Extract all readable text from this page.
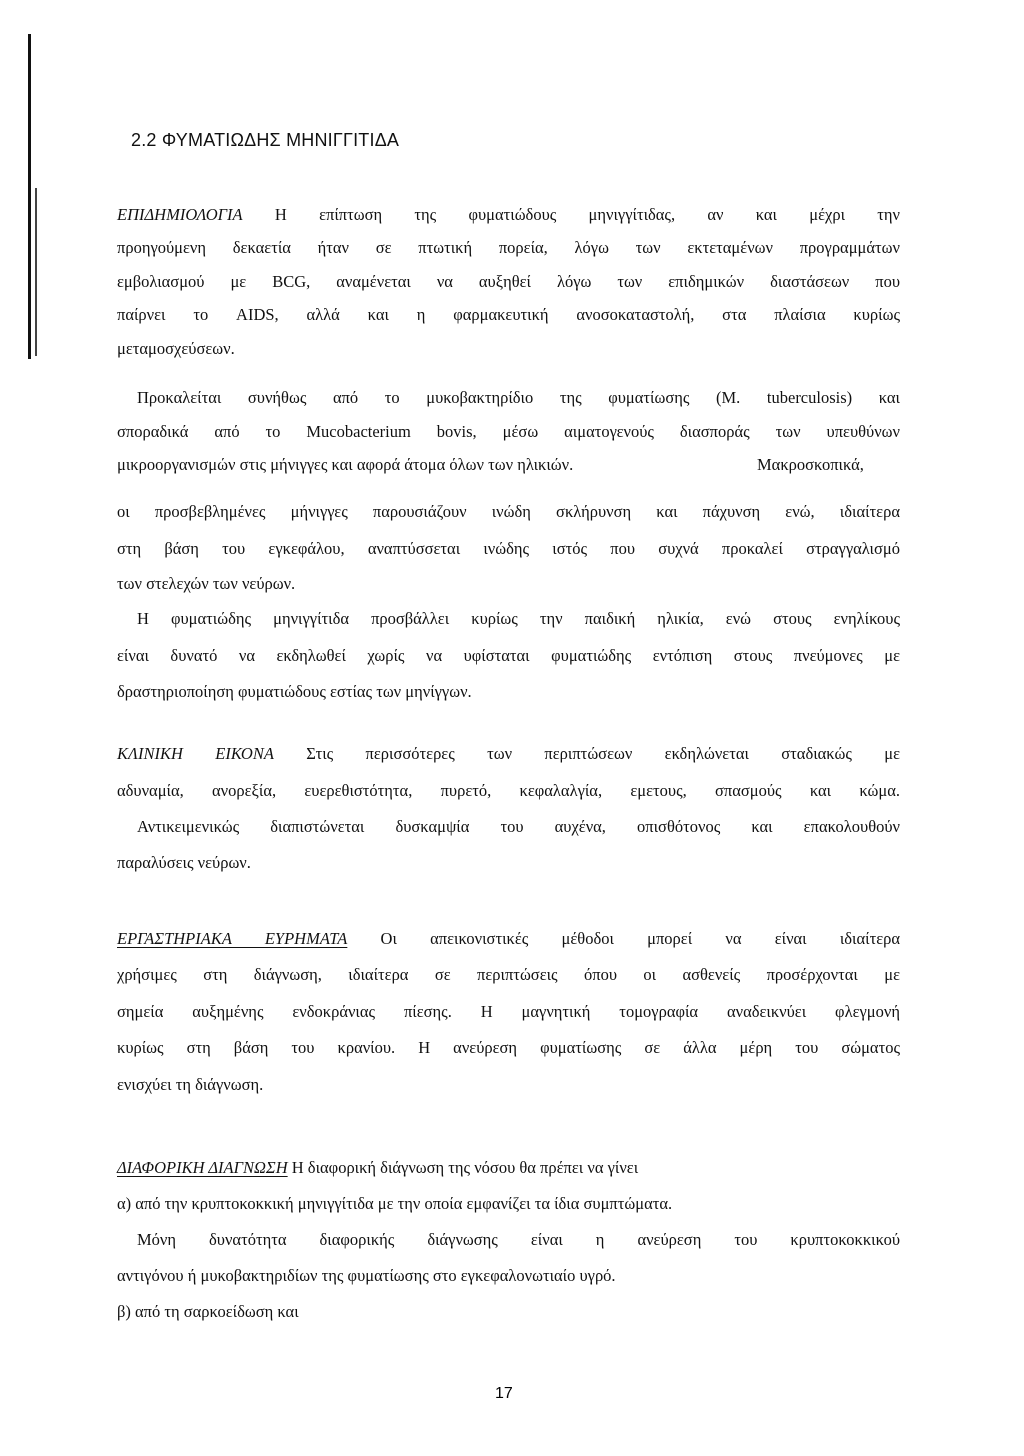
2.2 ΦΥΜΑΤΙΩΔΗΣ ΜΗΝΙΓΓΙΤΙΔΑ
ΕΠΙΔΗΜΙΟΛΟΓΙΑ Η επίπτωση της φυματιώδους μηνιγγίτιδας, αν και μέχρι την
προηγούμενη δεκαετία ήταν σε πτωτική πορεία, λόγω των εκτεταμένων προγραμμάτων
εμβολιασμού με BCG, αναμένεται να αυξηθεί λόγω των επιδημικών διαστάσεων που
παίρνει το AIDS, αλλά και η φαρμακευτική ανοσοκαταστολή, στα πλαίσια κυρίως
μεταμοσχεύσεων.
Προκαλείται συνήθως από το μυκοβακτηρίδιο της φυματίωσης (M. tuberculosis) και
σποραδικά από το Mucobacterium bovis, μέσω αιματογενούς διασποράς των υπευθύνων
μικροοργανισμών στις μήνιγγες και αφορά άτομα όλων των ηλικιών.	Μακροσκοπικά,
οι προσβεβλημένες μήνιγγες παρουσιάζουν ινώδη σκλήρυνση και πάχυνση ενώ, ιδιαίτερα
στη βάση του εγκεφάλου, αναπτύσσεται ινώδης ιστός που συχνά προκαλεί στραγγαλισμό
των στελεχών των νεύρων.
Η φυματιώδης μηνιγγίτιδα προσβάλλει κυρίως την παιδική ηλικία, ενώ στους ενηλίκους
είναι δυνατό να εκδηλωθεί χωρίς να υφίσταται φυματιώδης εντόπιση στους πνεύμονες με
δραστηριοποίηση φυματιώδους εστίας των μηνίγγων.
ΚΛΙΝΙΚΗ ΕΙΚΟΝΑ Στις περισσότερες των περιπτώσεων εκδηλώνεται σταδιακώς με
αδυναμία, ανορεξία, ευερεθιστότητα, πυρετό, κεφαλαλγία, εμετους, σπασμούς και κώμα.
Αντικειμενικώς διαπιστώνεται δυσκαμψία του αυχένα, οπισθότονος και επακολουθούν
παραλύσεις νεύρων.
ΕΡΓΑΣΤΗΡΙΑΚΑ ΕΥΡΗΜΑΤΑ Οι απεικονιστικές μέθοδοι μπορεί να είναι ιδιαίτερα
χρήσιμες στη διάγνωση, ιδιαίτερα σε περιπτώσεις όπου οι ασθενείς προσέρχονται με
σημεία αυξημένης ενδοκράνιας πίεσης. Η μαγνητική τομογραφία αναδεικνύει φλεγμονή
κυρίως στη βάση του κρανίου. Η ανεύρεση φυματίωσης σε άλλα μέρη του σώματος
ενισχύει τη διάγνωση.
ΔΙΑΦΟΡΙΚΗ ΔΙΑΓΝΩΣΗ Η διαφορική διάγνωση της νόσου θα πρέπει να γίνει
α) από την κρυπτοκοκκική μηνιγγίτιδα με την οποία εμφανίζει τα ίδια συμπτώματα.
Μόνη δυνατότητα διαφορικής διάγνωσης είναι η ανεύρεση του κρυπτοκοκκικού
αντιγόνου ή μυκοβακτηριδίων της φυματίωσης στο εγκεφαλονωτιαίο υγρό.
β) από τη σαρκοείδωση και
17
